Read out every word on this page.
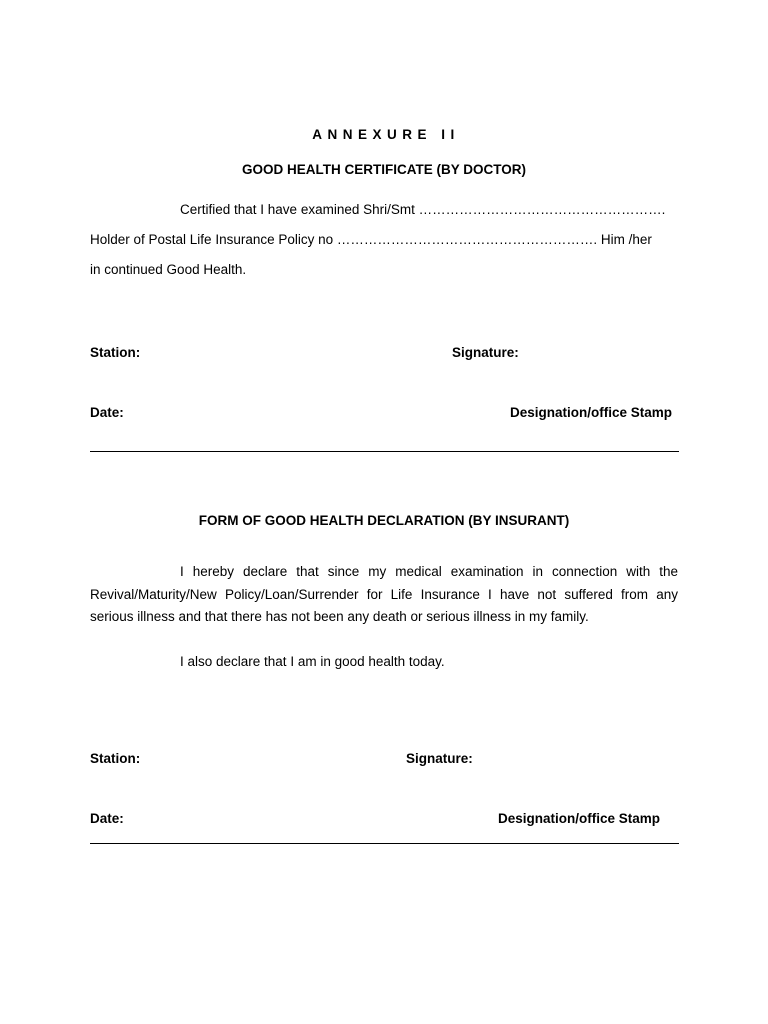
ANNEXURE II
GOOD HEALTH CERTIFICATE (BY DOCTOR)
Certified that I have examined Shri/Smt ……………………………………………….
Holder of Postal Life Insurance Policy no …………………………………………………. Him /her
in continued Good Health.
Station:	Signature:
Date:	Designation/office Stamp
FORM OF GOOD HEALTH DECLARATION (BY INSURANT)
I hereby declare that since my medical examination in connection with the Revival/Maturity/New Policy/Loan/Surrender for Life Insurance I have not suffered from any serious illness and that there has not been any death or serious illness in my family.
I also declare that I am in good health today.
Station:	Signature:
Date:	Designation/office Stamp
